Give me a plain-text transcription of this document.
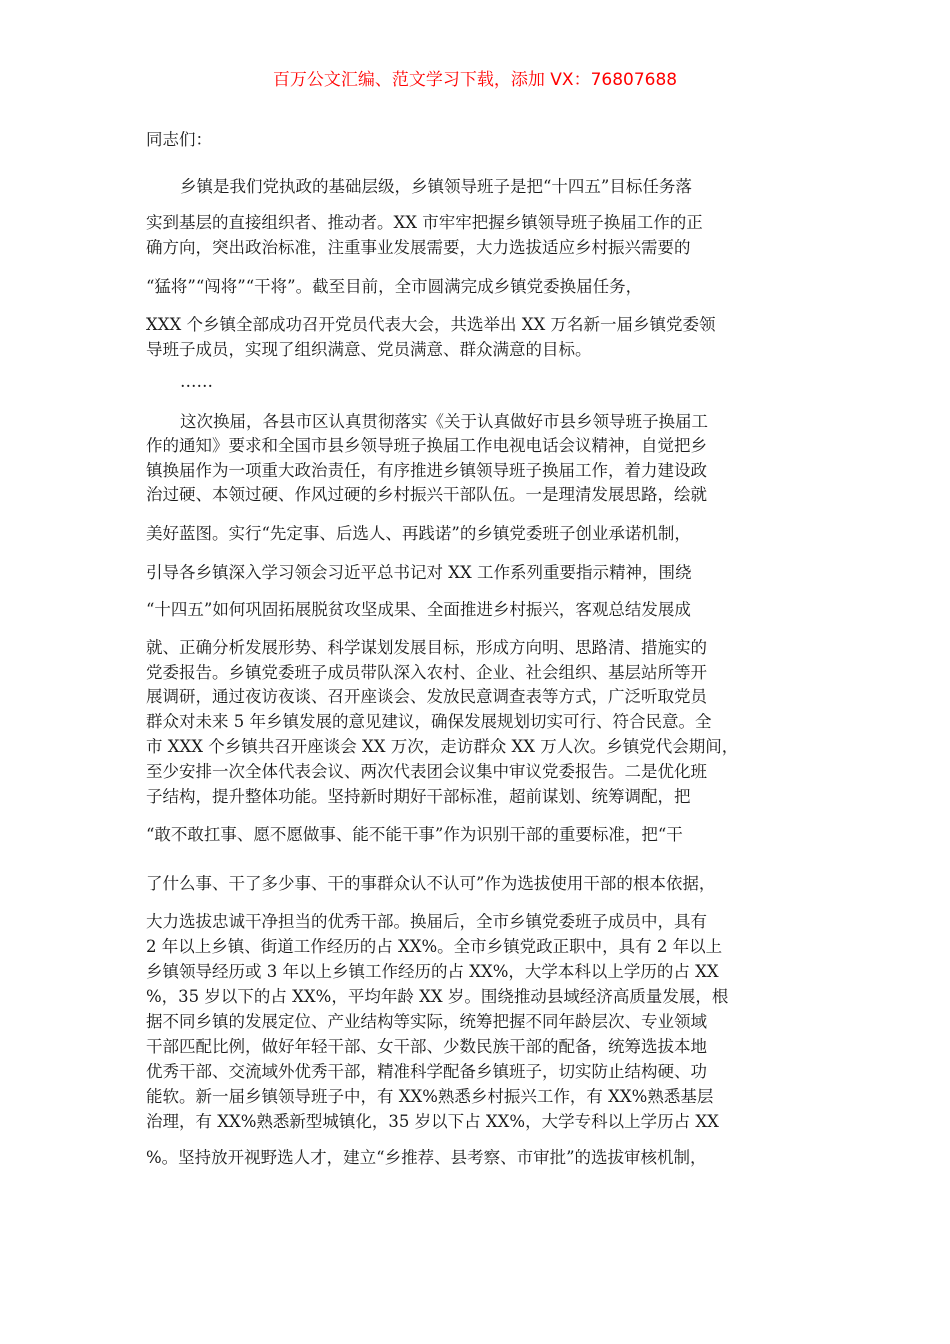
百万公文汇编、范文学习下载，添加 VX：76807688
同志们：
乡镇是我们党执政的基础层级，乡镇领导班子是把“十四五”目标任务落
实到基层的直接组织者、推动者。XX 市牢牢把握乡镇领导班子换届工作的正
确方向，突出政治标准，注重事业发展需要，大力选拔适应乡村振兴需要的
“猛将”“闯将”“干将”。截至目前，全市圆满完成乡镇党委换届任务，
XXX 个乡镇全部成功召开党员代表大会，共选举出 XX 万名新一届乡镇党委领
导班子成员，实现了组织满意、党员满意、群众满意的目标。
……
这次换届，各县市区认真贯彻落实《关于认真做好市县乡领导班子换届工
作的通知》要求和全国市县乡领导班子换届工作电视电话会议精神，自觉把乡
镇换届作为一项重大政治责任，有序推进乡镇领导班子换届工作，着力建设政
治过硬、本领过硬、作风过硬的乡村振兴干部队伍。一是理清发展思路，绘就
美好蓝图。实行“先定事、后选人、再践诺”的乡镇党委班子创业承诺机制，
引导各乡镇深入学习领会习近平总书记对 XX 工作系列重要指示精神，围绕
“十四五”如何巩固拓展脱贫攻坚成果、全面推进乡村振兴，客观总结发展成
就、正确分析发展形势、科学谋划发展目标，形成方向明、思路清、措施实的
党委报告。乡镇党委班子成员带队深入农村、企业、社会组织、基层站所等开
展调研，通过夜访夜谈、召开座谈会、发放民意调查表等方式，广泛听取党员
群众对未来 5 年乡镇发展的意见建议，确保发展规划切实可行、符合民意。全
市 XXX 个乡镇共召开座谈会 XX 万次，走访群众 XX 万人次。乡镇党代会期间，
至少安排一次全体代表会议、两次代表团会议集中审议党委报告。二是优化班
子结构，提升整体功能。坚持新时期好干部标准，超前谋划、统筹调配，把
“敢不敢扛事、愿不愿做事、能不能干事”作为识别干部的重要标准，把“干
了什么事、干了多少事、干的事群众认不认可”作为选拔使用干部的根本依据，
大力选拔忠诚干净担当的优秀干部。换届后，全市乡镇党委班子成员中，具有
2 年以上乡镇、街道工作经历的占 XX%。全市乡镇党政正职中，具有 2 年以上
乡镇领导经历或 3 年以上乡镇工作经历的占 XX%，大学本科以上学历的占 XX
%，35 岁以下的占 XX%，平均年龄 XX 岁。围绕推动县域经济高质量发展，根
据不同乡镇的发展定位、产业结构等实际，统筹把握不同年龄层次、专业领域
干部匹配比例，做好年轻干部、女干部、少数民族干部的配备，统筹选拔本地
优秀干部、交流域外优秀干部，精准科学配备乡镇班子，切实防止结构硬、功
能软。新一届乡镇领导班子中，有 XX%熟悉乡村振兴工作，有 XX%熟悉基层
治理，有 XX%熟悉新型城镇化，35 岁以下占 XX%，大学专科以上学历占 XX
%。坚持放开视野选人才，建立“乡推荐、县考察、市审批”的选拔审核机制，
